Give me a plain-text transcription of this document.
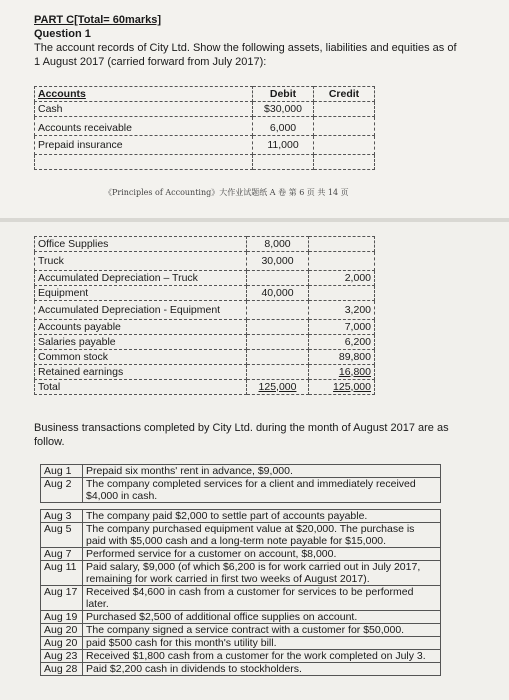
PART C[Total= 60marks]
Question 1
The account records of City Ltd. Show the following assets, liabilities and equities as of
1 August 2017 (carried forward from July 2017):
Accounts	Debit	Credit
Cash	$30,000	
Accounts receivable	6,000	
Prepaid insurance	11,000	

《Principles of Accounting》大作业试题纸 A 卷 第 6 页 共 14 页
Office Supplies	8,000	
Truck	30,000	
Accumulated Depreciation – Truck		2,000
Equipment	40,000	
Accumulated Depreciation - Equipment		3,200
Accounts payable		7,000
Salaries payable		6,200
Common stock		89,800
Retained earnings		16,800
Total	125,000	125,000
Business transactions completed by City Ltd. during the month of August 2017 are as
follow.
Aug 1	Prepaid six months' rent in advance, $9,000.
Aug 2	The company completed services for a client and immediately received $4,000 in cash.

Aug 3	The company paid $2,000 to settle part of accounts payable.
Aug 5	The company purchased equipment value at $20,000. The purchase is paid with $5,000 cash and a long-term note payable for $15,000.
Aug 7	Performed service for a customer on account, $8,000.
Aug 11	Paid salary, $9,000 (of which $6,200 is for work carried out in July 2017, remaining for work carried in first two weeks of August 2017).
Aug 17	Received $4,600 in cash from a customer for services to be performed later.
Aug 19	Purchased $2,500 of additional office supplies on account.
Aug 20	The company signed a service contract with a customer for $50,000.
Aug 20	paid $500 cash for this month's utility bill.
Aug 23	Received $1,800 cash from a customer for the work completed on July 3.
Aug 28	Paid $2,200 cash in dividends to stockholders.
